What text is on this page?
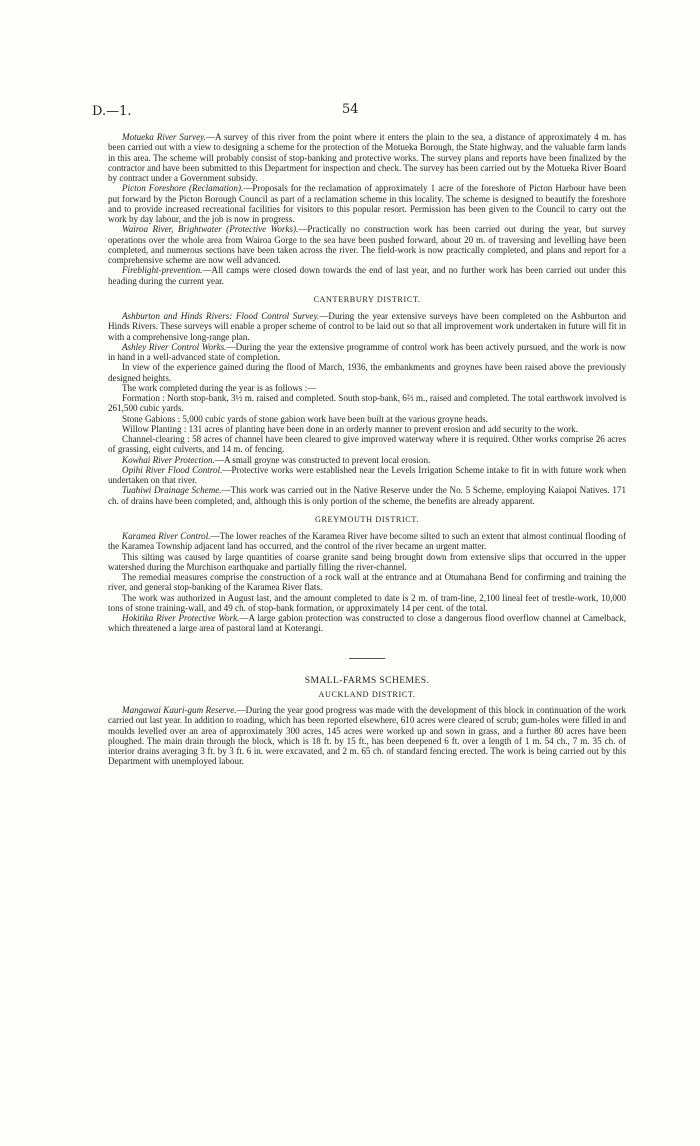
D.—1.	54

Motueka River Survey.—A survey of this river from the point where it enters the plain to the sea, a distance of approximately 4 m. has been carried out with a view to designing a scheme for the protection of the Motueka Borough, the State highway, and the valuable farm lands in this area. The scheme will probably consist of stop-banking and protective works. The survey plans and reports have been finalized by the contractor and have been submitted to this Department for inspection and check. The survey has been carried out by the Motueka River Board by contract under a Government subsidy.

Picton Foreshore (Reclamation).—Proposals for the reclamation of approximately 1 acre of the foreshore of Picton Harbour have been put forward by the Picton Borough Council as part of a reclamation scheme in this locality. The scheme is designed to beautify the foreshore and to provide increased recreational facilities for visitors to this popular resort. Permission has been given to the Council to carry out the work by day labour, and the job is now in progress.

Wairoa River, Brightwater (Protective Works).—Practically no construction work has been carried out during the year, but survey operations over the whole area from Wairoa Gorge to the sea have been pushed forward, about 20 m. of traversing and levelling have been completed, and numerous sections have been taken across the river. The field-work is now practically completed, and plans and report for a comprehensive scheme are now well advanced.

Fireblight-prevention.—All camps were closed down towards the end of last year, and no further work has been carried out under this heading during the current year.

CANTERBURY DISTRICT.

Ashburton and Hinds Rivers: Flood Control Survey.—During the year extensive surveys have been completed on the Ashburton and Hinds Rivers. These surveys will enable a proper scheme of control to be laid out so that all improvement work undertaken in future will fit in with a comprehensive long-range plan.

Ashley River Control Works.—During the year the extensive programme of control work has been actively pursued, and the work is now in hand in a well-advanced state of completion.

In view of the experience gained during the flood of March, 1936, the embankments and groynes have been raised above the previously designed heights.

The work completed during the year is as follows :—

Formation : North stop-bank, 3½ m. raised and completed. South stop-bank, 6⅔ m., raised and completed. The total earthwork involved is 261,500 cubic yards.

Stone Gabions : 5,000 cubic yards of stone gabion work have been built at the various groyne heads.

Willow Planting : 131 acres of planting have been done in an orderly manner to prevent erosion and add security to the work.

Channel-clearing : 58 acres of channel have been cleared to give improved waterway where it is required. Other works comprise 26 acres of grassing, eight culverts, and 14 m. of fencing.

Kowhai River Protection.—A small groyne was constructed to prevent local erosion.

Opihi River Flood Control.—Protective works were established near the Levels Irrigation Scheme intake to fit in with future work when undertaken on that river.

Tuahiwi Drainage Scheme.—This work was carried out in the Native Reserve under the No. 5 Scheme, employing Kaiapoi Natives. 171 ch. of drains have been completed, and, although this is only portion of the scheme, the benefits are already apparent.

GREYMOUTH DISTRICT.

Karamea River Control.—The lower reaches of the Karamea River have become silted to such an extent that almost continual flooding of the Karamea Township adjacent land has occurred, and the control of the river became an urgent matter.

This silting was caused by large quantities of coarse granite sand being brought down from extensive slips that occurred in the upper watershed during the Murchison earthquake and partially filling the river-channel.

The remedial measures comprise the construction of a rock wall at the entrance and at Otumahana Bend for confirming and training the river, and general stop-banking of the Karamea River flats.

The work was authorized in August last, and the amount completed to date is 2 m. of tram-line, 2,100 lineal feet of trestle-work, 10,000 tons of stone training-wall, and 49 ch. of stop-bank formation, or approximately 14 per cent. of the total.

Hokitika River Protective Work.—A large gabion protection was constructed to close a dangerous flood overflow channel at Camelback, which threatened a large area of pastoral land at Koterangi.

SMALL-FARMS SCHEMES.
AUCKLAND DISTRICT.

Mangawai Kauri-gum Reserve.—During the year good progress was made with the development of this block in continuation of the work carried out last year. In addition to roading, which has been reported elsewhere, 610 acres were cleared of scrub; gum-holes were filled in and moulds levelled over an area of approximately 300 acres, 145 acres were worked up and sown in grass, and a further 80 acres have been ploughed. The main drain through the block, which is 18 ft. by 15 ft., has been deepened 6 ft. over a length of 1 m. 54 ch., 7 m. 35 ch. of interior drains averaging 3 ft. by 3 ft. 6 in. were excavated, and 2 m. 65 ch. of standard fencing erected. The work is being carried out by this Department with unemployed labour.
